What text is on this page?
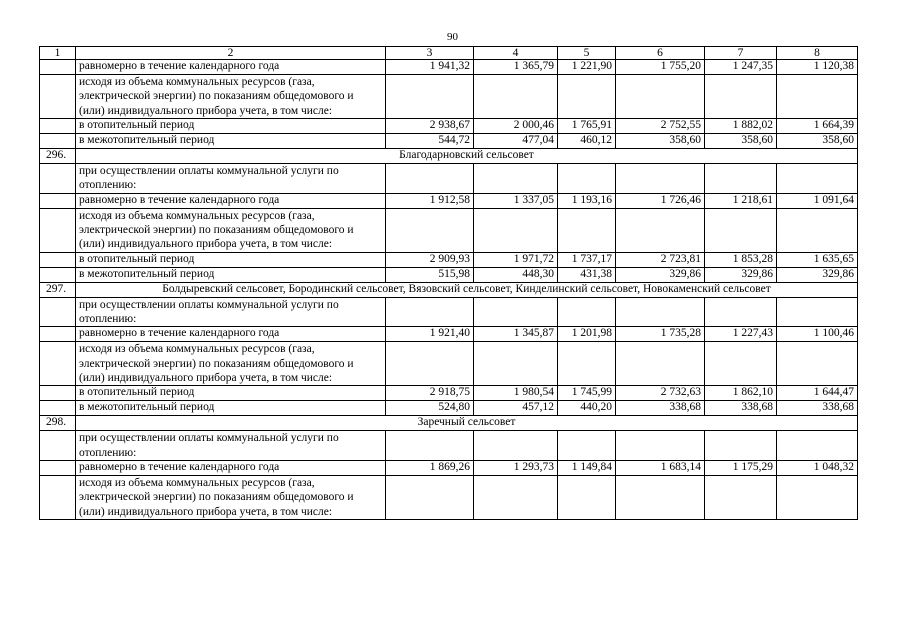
90
1	2	3	4	5	6	7	8
	равномерно в течение календарного года	1 941,32	1 365,79	1 221,90	1 755,20	1 247,35	1 120,38
	исходя из объема коммунальных ресурсов (газа, электрической энергии) по показаниям общедомового и (или) индивидуального прибора учета, в том числе:						
	в отопительный период	2 938,67	2 000,46	1 765,91	2 752,55	1 882,02	1 664,39
	в межотопительный период	544,72	477,04	460,12	358,60	358,60	358,60
296.	Благодарновский сельсовет						
	при осуществлении оплаты коммунальной услуги по отоплению:						
	равномерно в течение календарного года	1 912,58	1 337,05	1 193,16	1 726,46	1 218,61	1 091,64
	исходя из объема коммунальных ресурсов (газа, электрической энергии) по показаниям общедомового и (или) индивидуального прибора учета, в том числе:						
	в отопительный период	2 909,93	1 971,72	1 737,17	2 723,81	1 853,28	1 635,65
	в межотопительный период	515,98	448,30	431,38	329,86	329,86	329,86
297.	Болдыревский сельсовет, Бородинский сельсовет, Вязовский сельсовет, Кинделинский сельсовет, Новокаменский сельсовет						
	при осуществлении оплаты коммунальной услуги по отоплению:						
	равномерно в течение календарного года	1 921,40	1 345,87	1 201,98	1 735,28	1 227,43	1 100,46
	исходя из объема коммунальных ресурсов (газа, электрической энергии) по показаниям общедомового и (или) индивидуального прибора учета, в том числе:						
	в отопительный период	2 918,75	1 980,54	1 745,99	2 732,63	1 862,10	1 644,47
	в межотопительный период	524,80	457,12	440,20	338,68	338,68	338,68
298.	Заречный сельсовет						
	при осуществлении оплаты коммунальной услуги по отоплению:						
	равномерно в течение календарного года	1 869,26	1 293,73	1 149,84	1 683,14	1 175,29	1 048,32
	исходя из объема коммунальных ресурсов (газа, электрической энергии) по показаниям общедомового и (или) индивидуального прибора учета, в том числе:						
